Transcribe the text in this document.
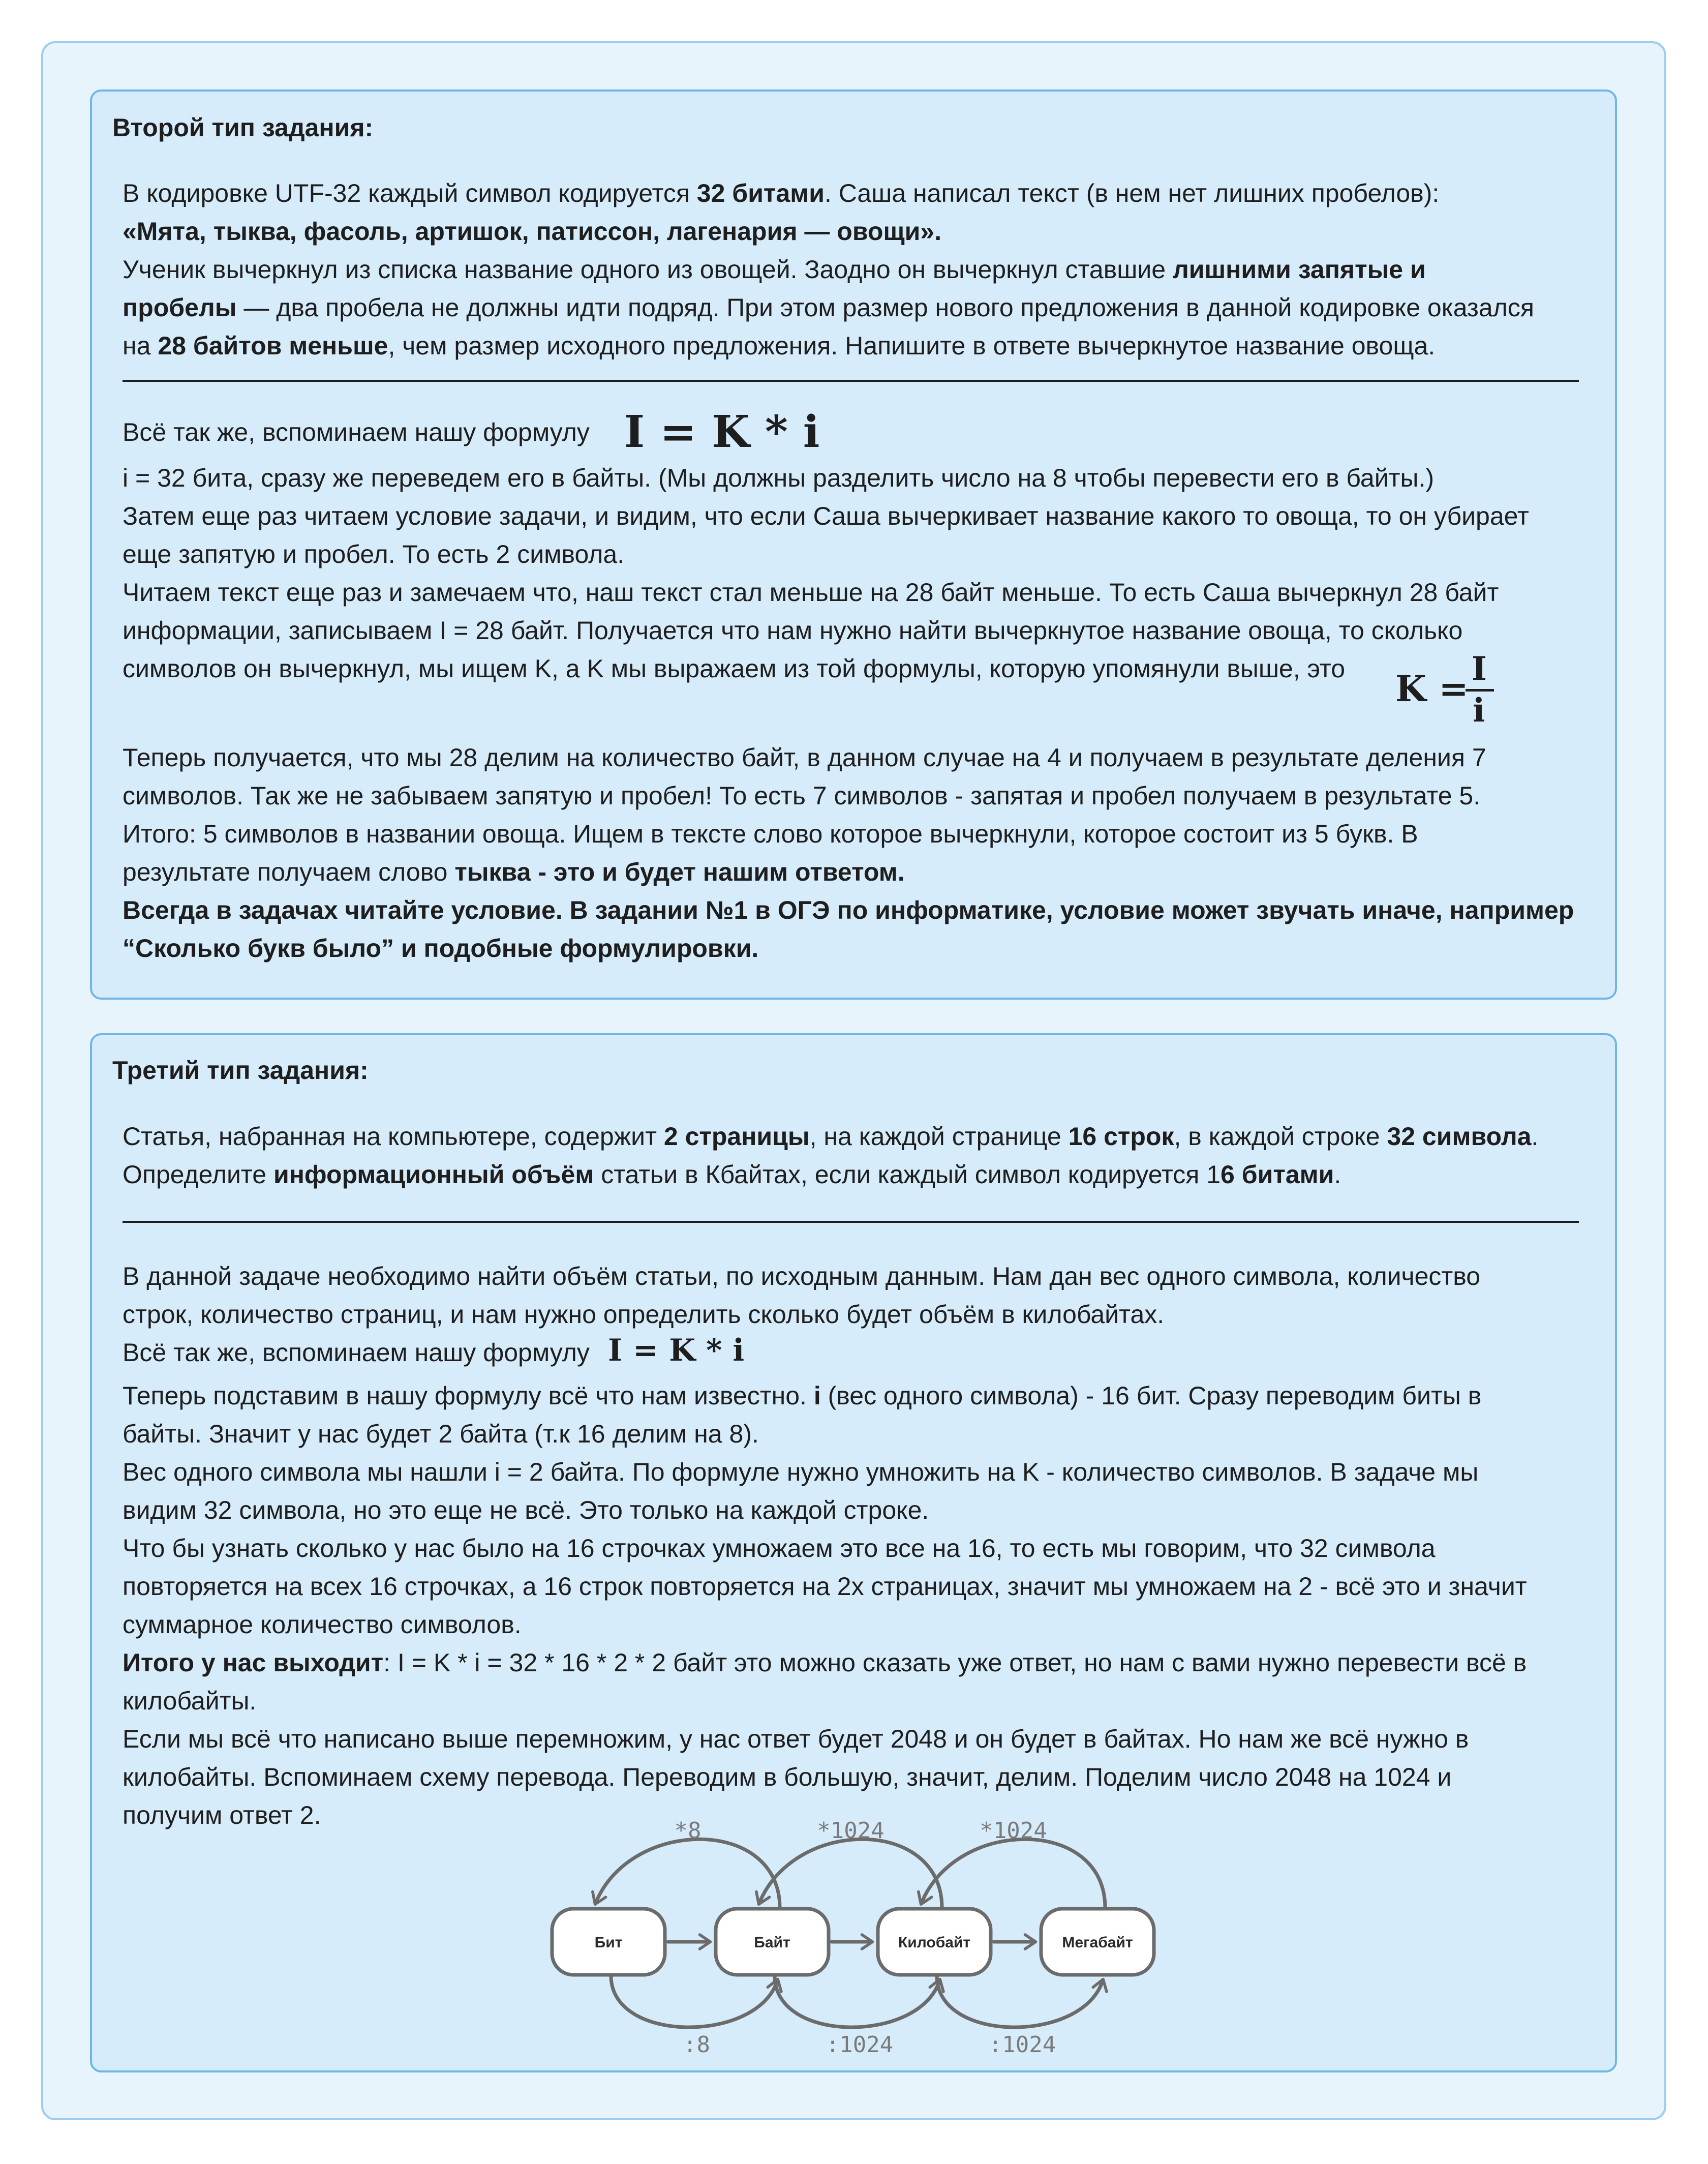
Второй тип задания:
Третий тип задания:
I = K * i
I = K * i
K = I
i
В кодировке UTF-32 каждый символ кодируется 32 битами. Саша написал текст (в нем нет лишних пробелов):
«Мята, тыква, фасоль, артишок, патиссон, лагенария — овощи».
Ученик вычеркнул из списка название одного из овощей. Заодно он вычеркнул ставшие лишними запятые и
пробелы — два пробела не должны идти подряд. При этом размер нового предложения в данной кодировке оказался
на 28 байтов меньше, чем размер исходного предложения. Напишите в ответе вычеркнутое название овоща.
Всё так же, вспоминаем нашу формулу
i = 32 бита, сразу же переведем его в байты. (Мы должны разделить число на 8 чтобы перевести его в байты.)
Затем еще раз читаем условие задачи, и видим, что если Саша вычеркивает название какого то овоща, то он убирает
еще запятую и пробел. То есть 2 символа.
Читаем текст еще раз и замечаем что, наш текст стал меньше на 28 байт меньше. То есть Саша вычеркнул 28 байт
информации, записываем I = 28 байт. Получается что нам нужно найти вычеркнутое название овоща, то сколько
символов он вычеркнул, мы ищем K, а K мы выражаем из той формулы, которую упомянули выше, это
Теперь получается, что мы 28 делим на количество байт, в данном случае на 4 и получаем в результате деления 7
символов. Так же не забываем запятую и пробел! То есть 7 символов - запятая и пробел получаем в результате 5.
Итого: 5 символов в названии овоща. Ищем в тексте слово которое вычеркнули, которое состоит из 5 букв. В
результате получаем слово тыква - это и будет нашим ответом.
Всегда в задачах читайте условие. В задании №1 в ОГЭ по информатике, условие может звучать иначе, например
“Сколько букв было” и подобные формулировки.
Статья, набранная на компьютере, содержит 2 страницы, на каждой странице 16 строк, в каждой строке 32 символа.
Определите информационный объём статьи в Кбайтах, если каждый символ кодируется 16 битами.
В данной задаче необходимо найти объём статьи, по исходным данным. Нам дан вес одного символа, количество
строк, количество страниц, и нам нужно определить сколько будет объём в килобайтах.
Всё так же, вспоминаем нашу формулу
Теперь подставим в нашу формулу всё что нам известно. i (вес одного символа) - 16 бит. Сразу переводим биты в
байты. Значит у нас будет 2 байта (т.к 16 делим на 8).
Вес одного символа мы нашли i = 2 байта. По формуле нужно умножить на K - количество символов. В задаче мы
видим 32 символа, но это еще не всё. Это только на каждой строке.
Что бы узнать сколько у нас было на 16 строчках умножаем это все на 16, то есть мы говорим, что 32 символа
повторяется на всех 16 строчках, а 16 строк повторяется на 2х страницах, значит мы умножаем на 2 - всё это и значит
суммарное количество символов.
Итого у нас выходит: I = K * i = 32 * 16 * 2 * 2 байт это можно сказать уже ответ, но нам с вами нужно перевести всё в
килобайты.
Если мы всё что написано выше перемножим, у нас ответ будет 2048 и он будет в байтах. Но нам же всё нужно в
килобайты. Вспоминаем схему перевода. Переводим в большую, значит, делим. Поделим число 2048 на 1024 и
получим ответ 2.
Бит	Байт	Килобайт	Мегабайт
*8
:8
*1024
:1024
*1024
:1024
